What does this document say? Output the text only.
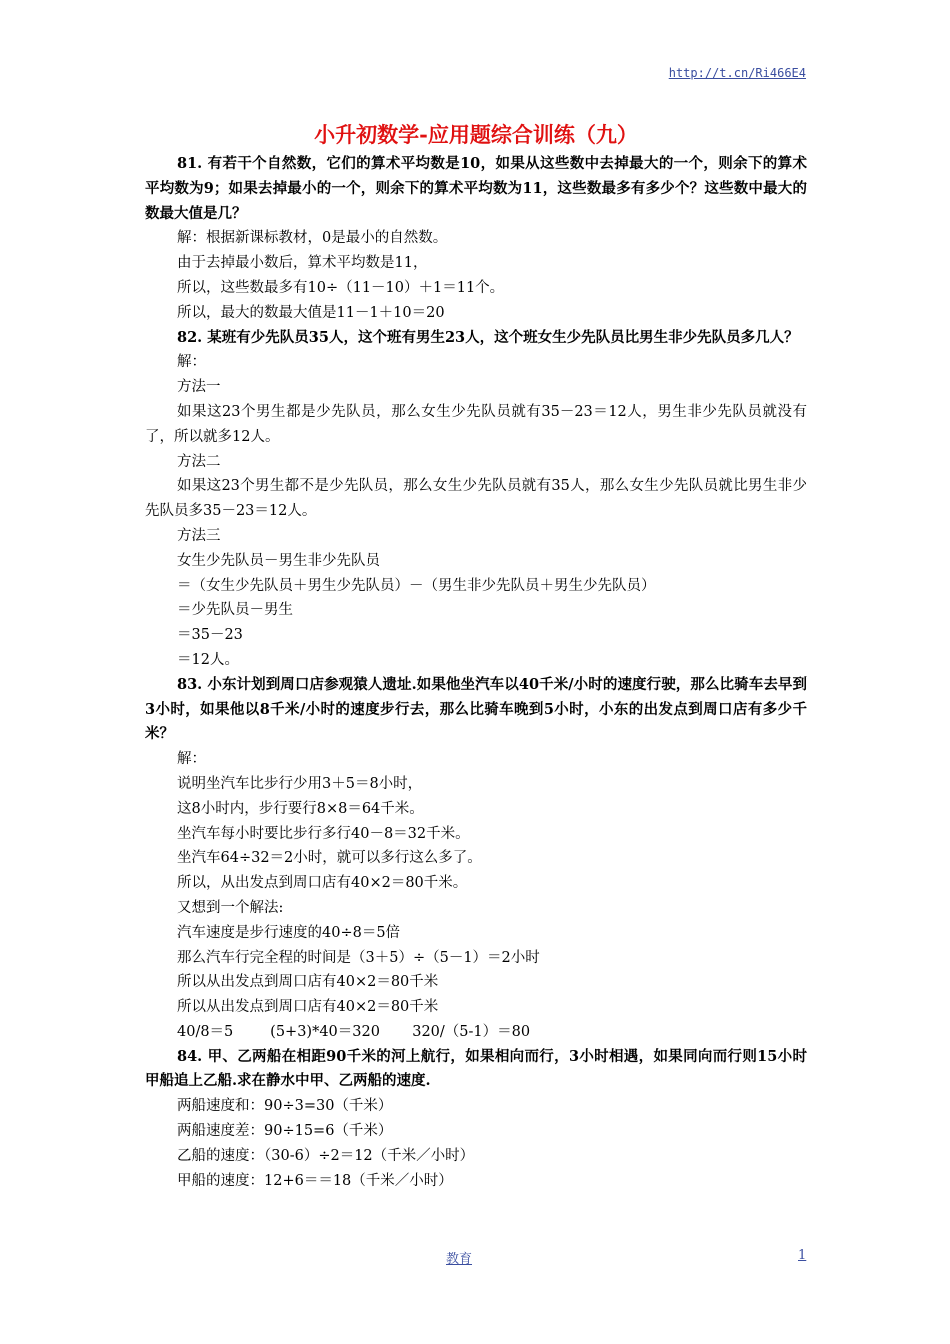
http://t.cn/Ri466E4
小升初数学-应用题综合训练（九）

81. 有若干个自然数，它们的算术平均数是10，如果从这些数中去掉最大的一个，则余下的算术平均数为9；如果去掉最小的一个，则余下的算术平均数为11，这些数最多有多少个？这些数中最大的数最大值是几？

解：根据新课标教材，0是最小的自然数。

由于去掉最小数后，算术平均数是11，

所以，这些数最多有10÷（11－10）＋1＝11个。

所以，最大的数最大值是11－1＋10＝20

82. 某班有少先队员35人，这个班有男生23人，这个班女生少先队员比男生非少先队员多几人？

解：

方法一

如果这23个男生都是少先队员，那么女生少先队员就有35－23＝12人，男生非少先队员就没有了，所以就多12人。

方法二

如果这23个男生都不是少先队员，那么女生少先队员就有35人，那么女生少先队员就比男生非少先队员多35－23＝12人。

方法三

女生少先队员－男生非少先队员

＝（女生少先队员＋男生少先队员）－（男生非少先队员＋男生少先队员）

＝少先队员－男生

＝35－23

＝12人。

83. 小东计划到周口店参观猿人遗址.如果他坐汽车以40千米/小时的速度行驶，那么比骑车去早到3小时，如果他以8千米/小时的速度步行去，那么比骑车晚到5小时，小东的出发点到周口店有多少千米？

解：

说明坐汽车比步行少用3＋5＝8小时，

这8小时内，步行要行8×8＝64千米。

坐汽车每小时要比步行多行40－8＝32千米。

坐汽车64÷32＝2小时，就可以多行这么多了。

所以，从出发点到周口店有40×2＝80千米。

又想到一个解法:

汽车速度是步行速度的40÷8＝5倍

那么汽车行完全程的时间是（3＋5）÷（5－1）＝2小时

所以从出发点到周口店有40×2＝80千米

所以从出发点到周口店有40×2＝80千米

40/8＝5        (5+3)*40＝320       320/（5-1）＝80

84. 甲、乙两船在相距90千米的河上航行，如果相向而行，3小时相遇，如果同向而行则15小时甲船追上乙船.求在静水中甲、乙两船的速度.

两船速度和：90÷3=30（千米）

两船速度差：90÷15=6（千米）

乙船的速度：（30-6）÷2＝12（千米／小时）

甲船的速度：12+6＝＝18（千米／小时）

教育	1
